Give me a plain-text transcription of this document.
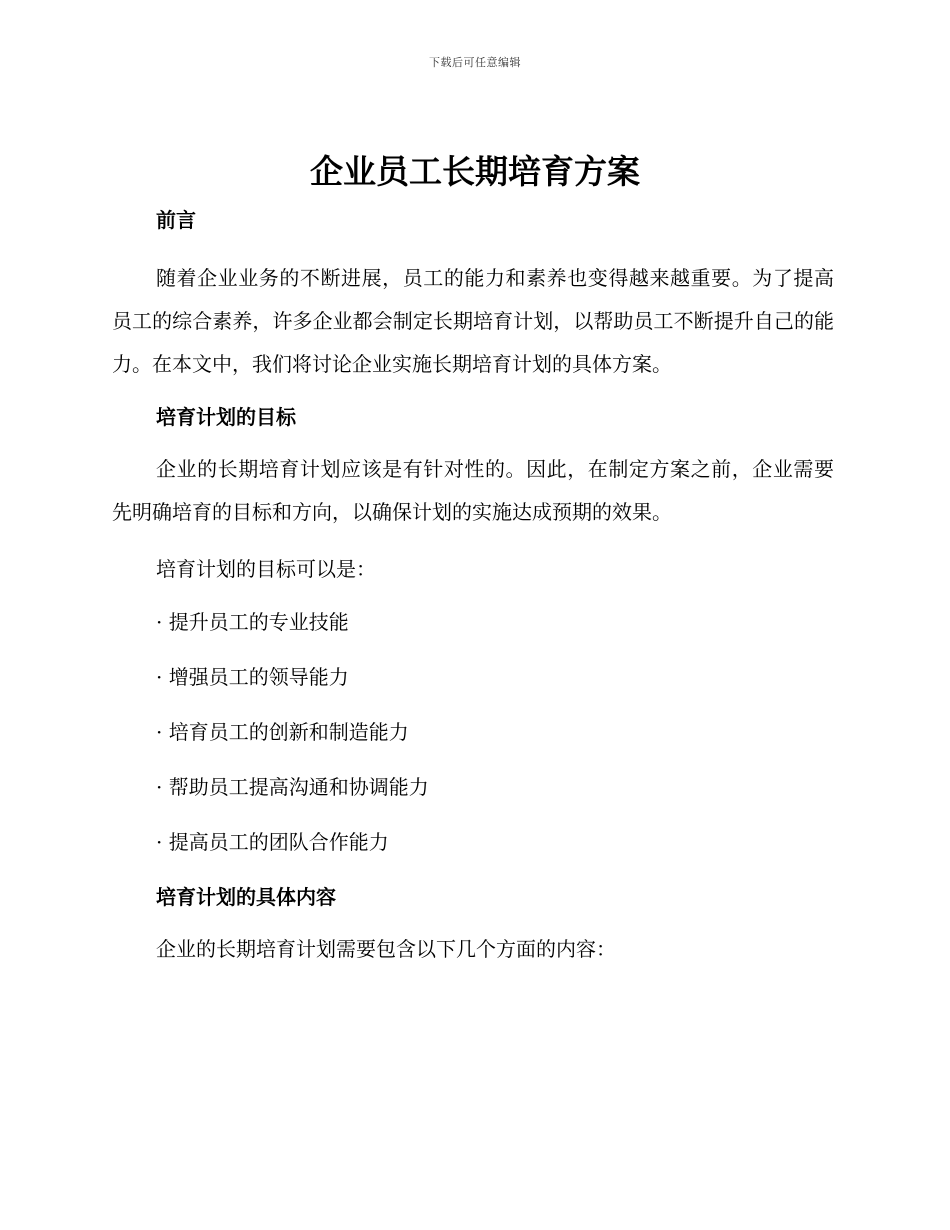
下载后可任意编辑
企业员工长期培育方案
前言

随着企业业务的不断进展，员工的能力和素养也变得越来越重要。为了提高员工的综合素养，许多企业都会制定长期培育计划，以帮助员工不断提升自己的能力。在本文中，我们将讨论企业实施长期培育计划的具体方案。

培育计划的目标

企业的长期培育计划应该是有针对性的。因此，在制定方案之前，企业需要先明确培育的目标和方向，以确保计划的实施达成预期的效果。

培育计划的目标可以是：

· 提升员工的专业技能
· 增强员工的领导能力
· 培育员工的创新和制造能力
· 帮助员工提高沟通和协调能力
· 提高员工的团队合作能力
培育计划的具体内容

企业的长期培育计划需要包含以下几个方面的内容：
